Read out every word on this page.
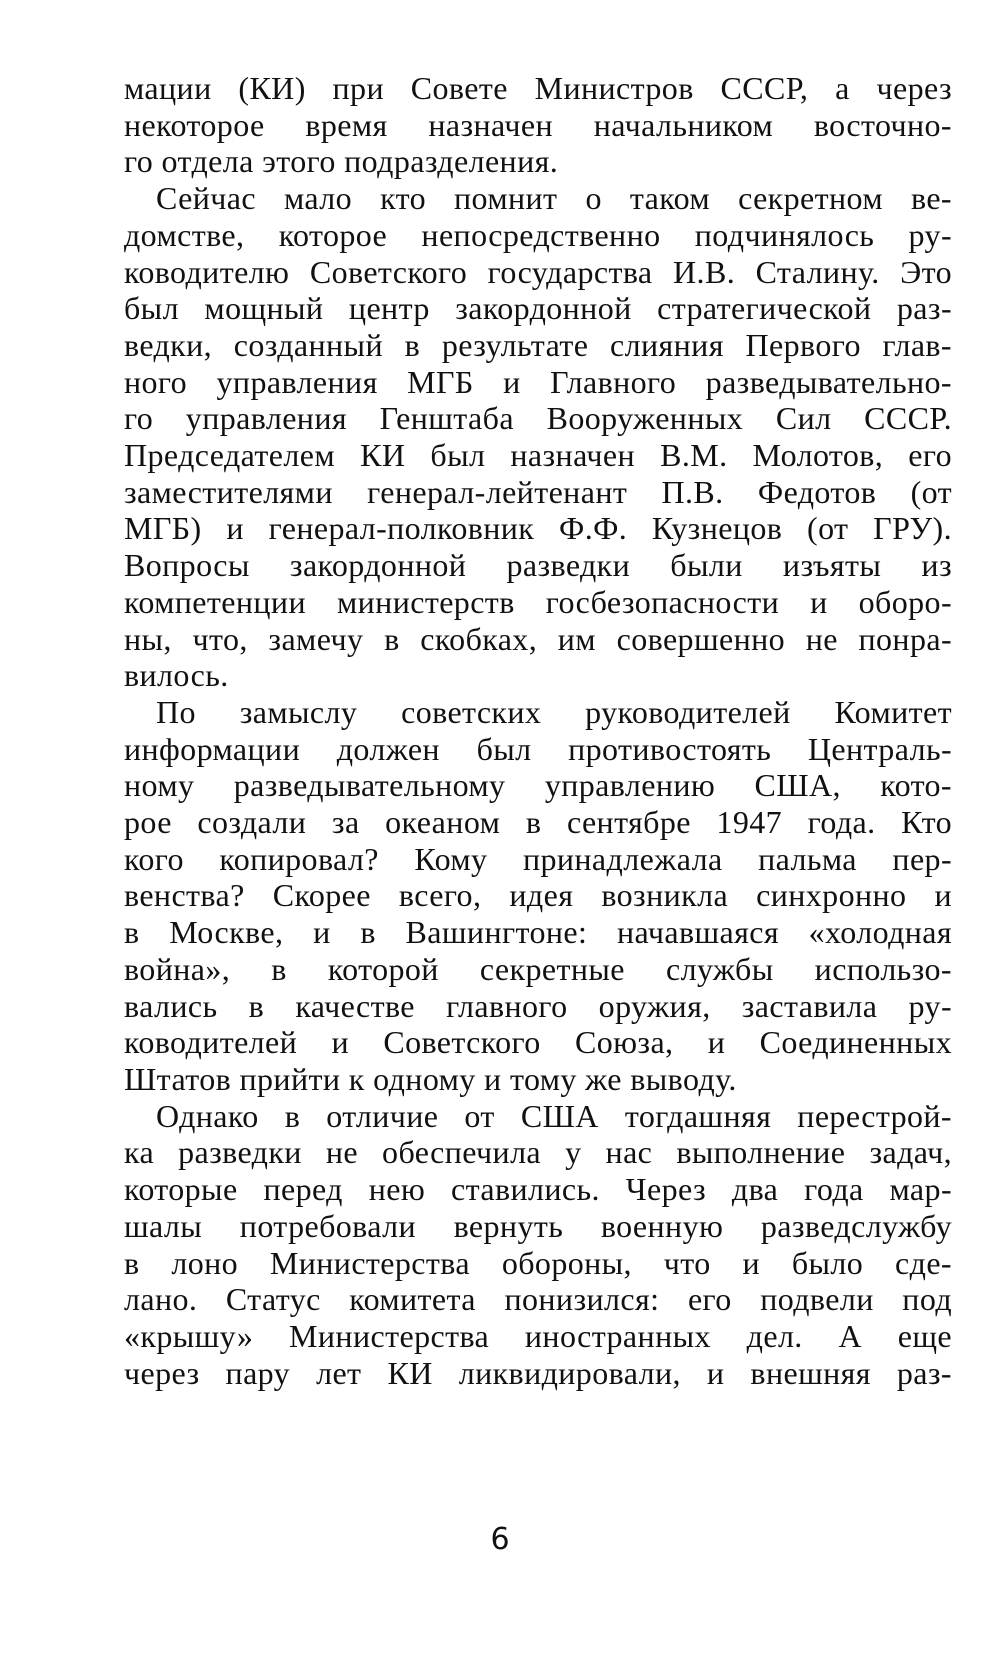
мации (КИ) при Совете Министров СССР, а через
некоторое время назначен начальником восточно-
го отдела этого подразделения.

Сейчас мало кто помнит о таком секретном ве-
домстве, которое непосредственно подчинялось ру-
ководителю Советского государства И.В. Сталину. Это
был мощный центр закордонной стратегической раз-
ведки, созданный в результате слияния Первого глав-
ного управления МГБ и Главного разведывательно-
го управления Генштаба Вооруженных Сил СССР.
Председателем КИ был назначен В.М. Молотов, его
заместителями генерал-лейтенант П.В. Федотов (от
МГБ) и генерал-полковник Ф.Ф. Кузнецов (от ГРУ).
Вопросы закордонной разведки были изъяты из
компетенции министерств госбезопасности и оборо-
ны, что, замечу в скобках, им совершенно не понра-
вилось.

По замыслу советских руководителей Комитет
информации должен был противостоять Централь-
ному разведывательному управлению США, кото-
рое создали за океаном в сентябре 1947 года. Кто
кого копировал? Кому принадлежала пальма пер-
венства? Скорее всего, идея возникла синхронно и
в Москве, и в Вашингтоне: начавшаяся «холодная
война», в которой секретные службы использо-
вались в качестве главного оружия, заставила ру-
ководителей и Советского Союза, и Соединенных
Штатов прийти к одному и тому же выводу.

Однако в отличие от США тогдашняя перестрой-
ка разведки не обеспечила у нас выполнение задач,
которые перед нею ставились. Через два года мар-
шалы потребовали вернуть военную разведслужбу
в лоно Министерства обороны, что и было сде-
лано. Статус комитета понизился: его подвели под
«крышу» Министерства иностранных дел. А еще
через пару лет КИ ликвидировали, и внешняя раз-

6
